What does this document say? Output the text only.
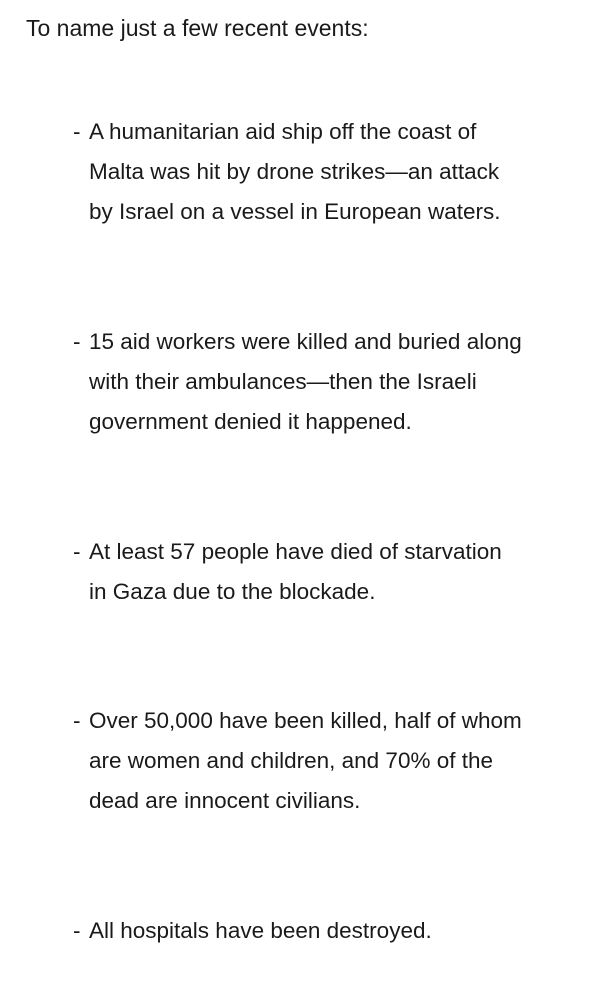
To name just a few recent events:

- A humanitarian aid ship off the coast of
Malta was hit by drone strikes—an attack
by Israel on a vessel in European waters.
- 15 aid workers were killed and buried along
with their ambulances—then the Israeli
government denied it happened.
- At least 57 people have died of starvation
in Gaza due to the blockade.
- Over 50,000 have been killed, half of whom
are women and children, and 70% of the
dead are innocent civilians.
- All hospitals have been destroyed.
